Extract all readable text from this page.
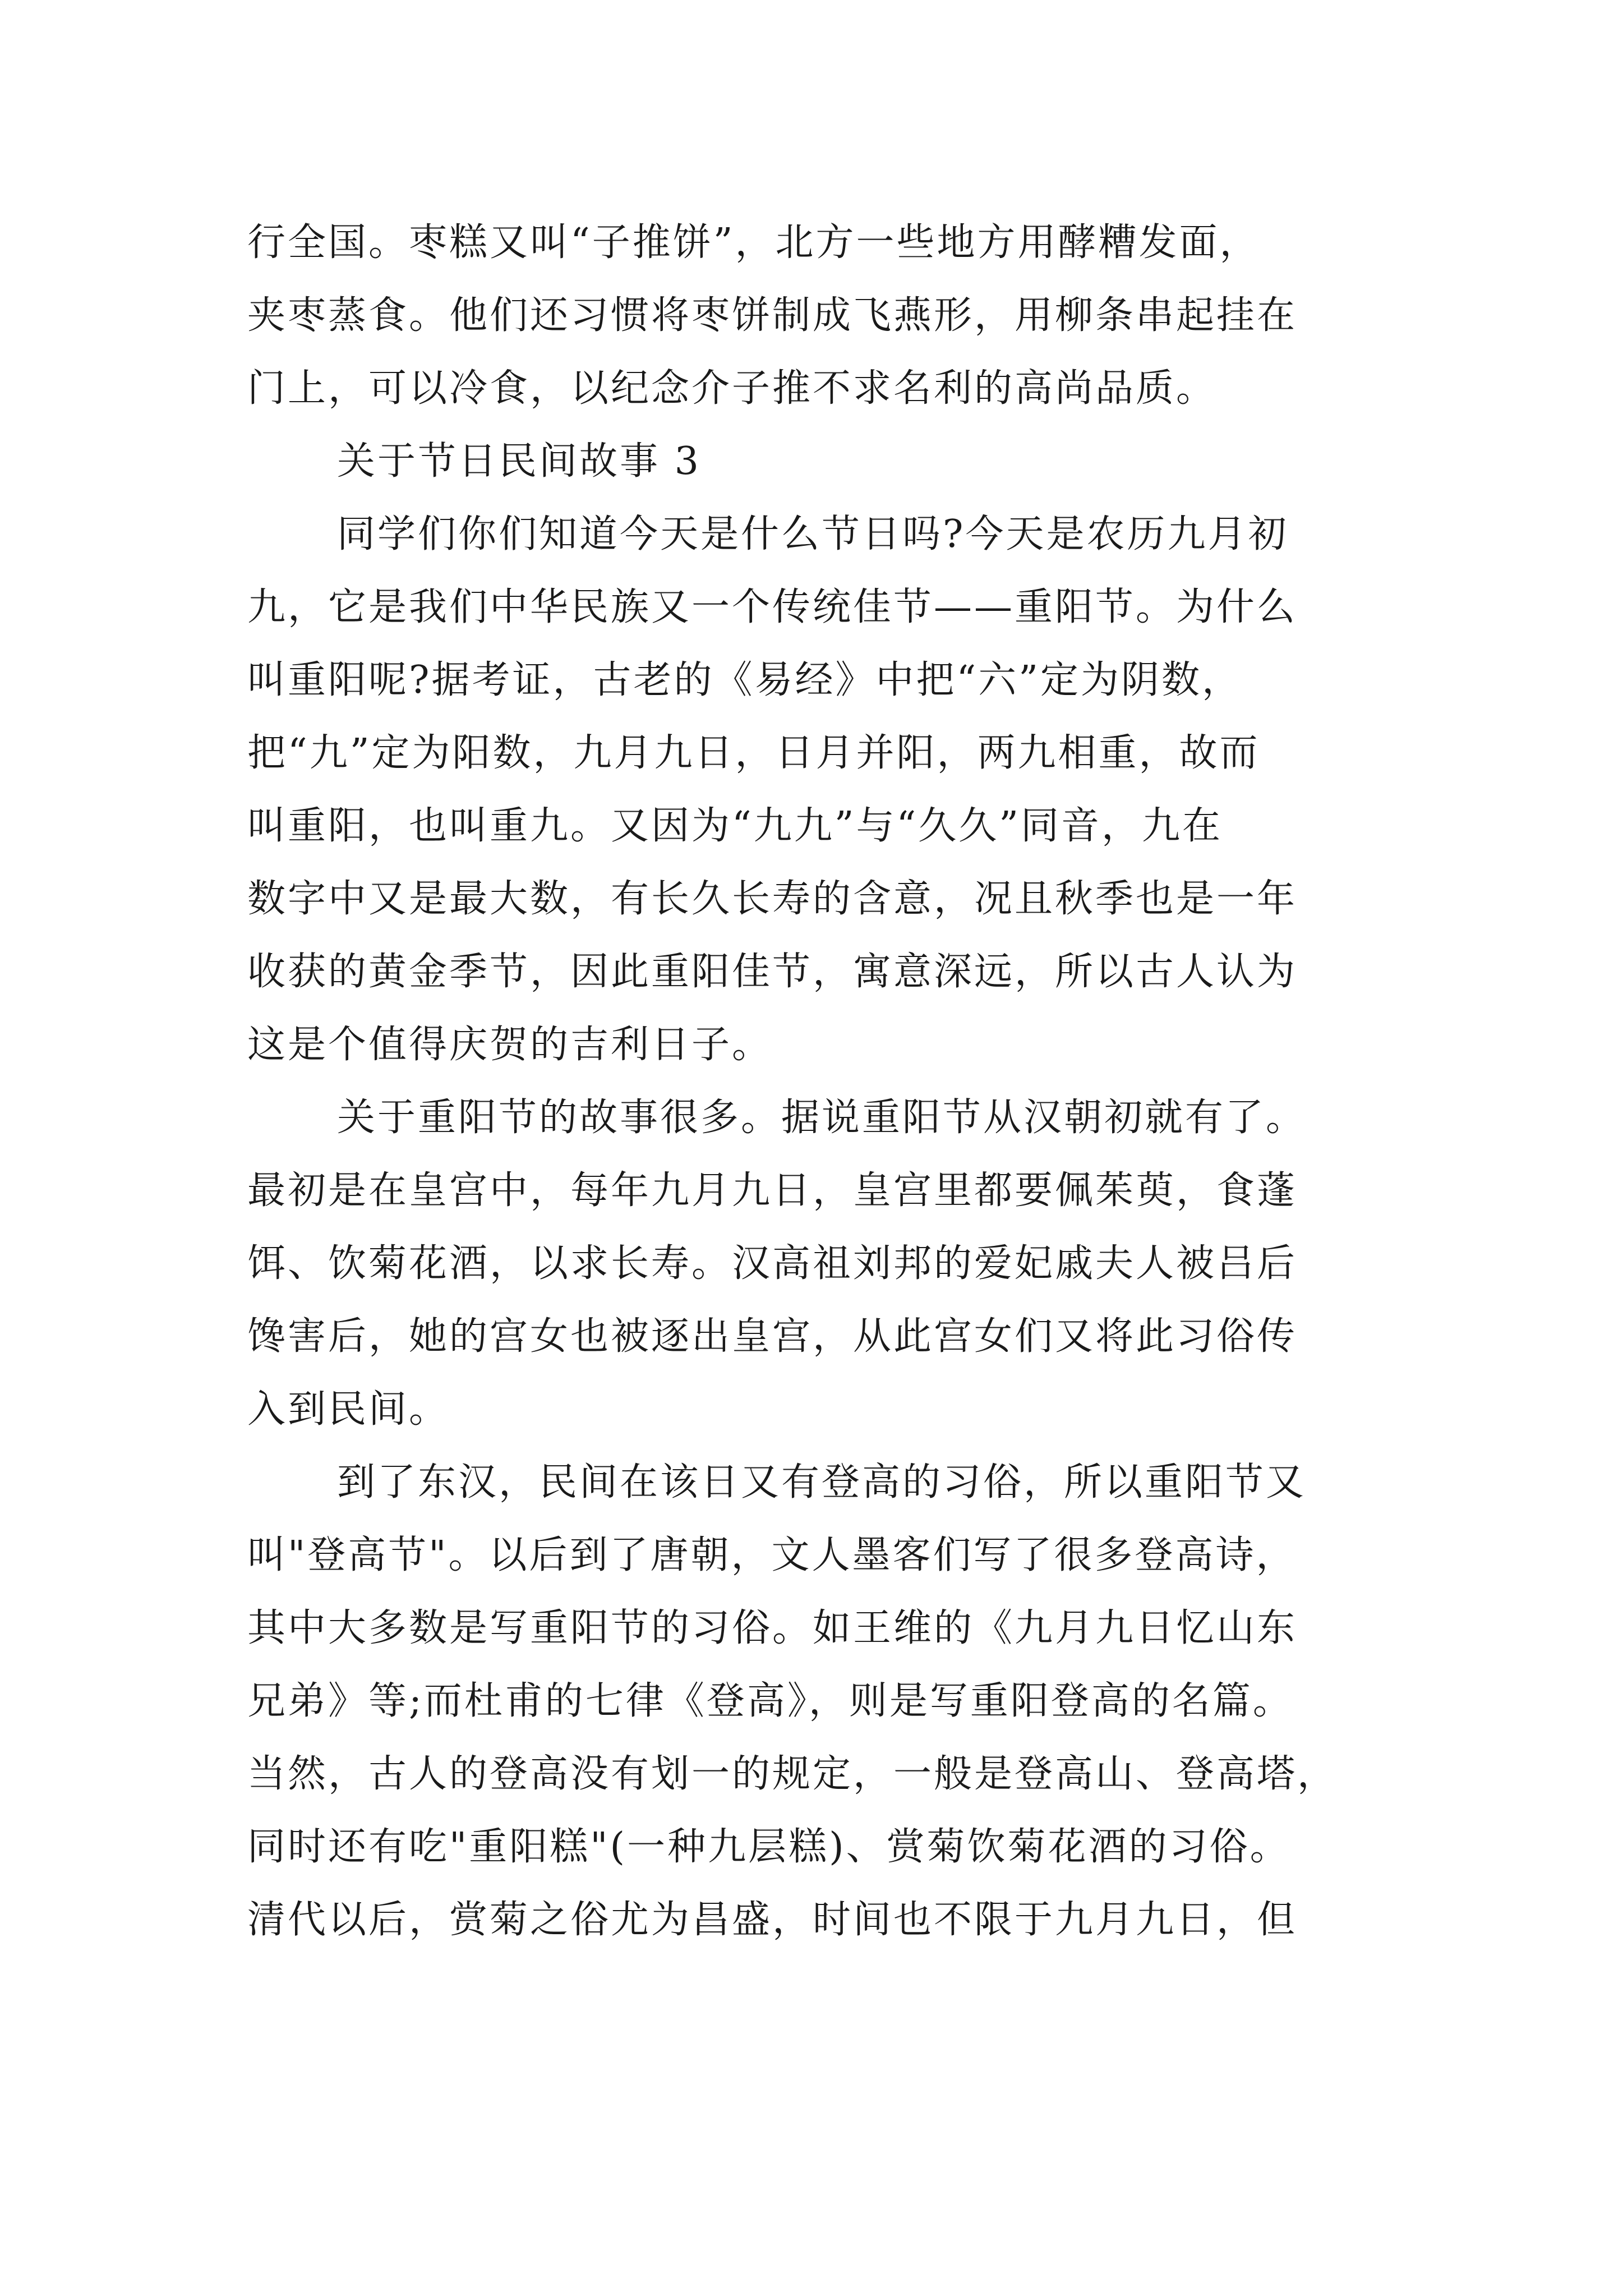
行全国。枣糕又叫“子推饼”，北方一些地方用酵糟发面，
夹枣蒸食。他们还习惯将枣饼制成飞燕形，用柳条串起挂在
门上，可以冷食，以纪念介子推不求名利的高尚品质。
关于节日民间故事 3
同学们你们知道今天是什么节日吗?今天是农历九月初
九，它是我们中华民族又一个传统佳节——重阳节。为什么
叫重阳呢?据考证，古老的《易经》中把“六”定为阴数，
把“九”定为阳数，九月九日，日月并阳，两九相重，故而
叫重阳，也叫重九。又因为“九九”与“久久”同音，九在
数字中又是最大数，有长久长寿的含意，况且秋季也是一年
收获的黄金季节，因此重阳佳节，寓意深远，所以古人认为
这是个值得庆贺的吉利日子。
关于重阳节的故事很多。据说重阳节从汉朝初就有了。
最初是在皇宫中，每年九月九日，皇宫里都要佩茱萸，食蓬
饵、饮菊花酒，以求长寿。汉高祖刘邦的爱妃戚夫人被吕后
馋害后，她的宫女也被逐出皇宫，从此宫女们又将此习俗传
入到民间。
到了东汉，民间在该日又有登高的习俗，所以重阳节又
叫"登高节"。以后到了唐朝，文人墨客们写了很多登高诗，
其中大多数是写重阳节的习俗。如王维的《九月九日忆山东
兄弟》等;而杜甫的七律《登高》，则是写重阳登高的名篇。
当然，古人的登高没有划一的规定，一般是登高山、登高塔，
同时还有吃"重阳糕"(一种九层糕)、赏菊饮菊花酒的习俗。
清代以后，赏菊之俗尤为昌盛，时间也不限于九月九日，但
